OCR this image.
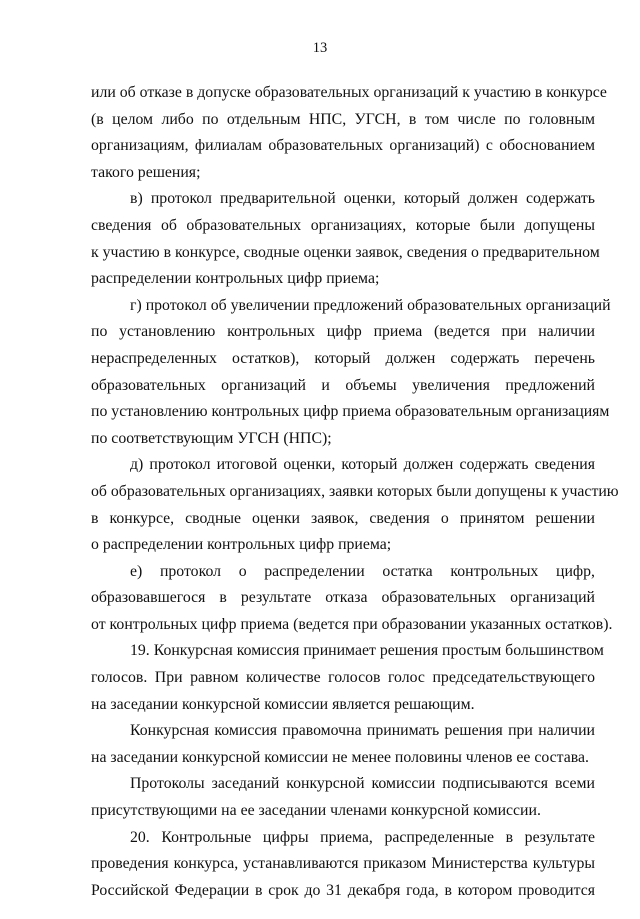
13
или об отказе в допуске образовательных организаций к участию в конкурсе
(в целом либо по отдельным НПС, УГСН, в том числе по головным
организациям, филиалам образовательных организаций) с обоснованием
такого решения;
в) протокол предварительной оценки, который должен содержать
сведения об образовательных организациях, которые были допущены
к участию в конкурсе, сводные оценки заявок, сведения о предварительном
распределении контрольных цифр приема;
г) протокол об увеличении предложений образовательных организаций
по установлению контрольных цифр приема (ведется при наличии
нераспределенных остатков), который должен содержать перечень
образовательных организаций и объемы увеличения предложений
по установлению контрольных цифр приема образовательным организациям
по соответствующим УГСН (НПС);
д) протокол итоговой оценки, который должен содержать сведения
об образовательных организациях, заявки которых были допущены к участию
в конкурсе, сводные оценки заявок, сведения о принятом решении
о распределении контрольных цифр приема;
е) протокол о распределении остатка контрольных цифр,
образовавшегося в результате отказа образовательных организаций
от контрольных цифр приема (ведется при образовании указанных остатков).
19. Конкурсная комиссия принимает решения простым большинством
голосов. При равном количестве голосов голос председательствующего
на заседании конкурсной комиссии является решающим.
Конкурсная комиссия правомочна принимать решения при наличии
на заседании конкурсной комиссии не менее половины членов ее состава.
Протоколы заседаний конкурсной комиссии подписываются всеми
присутствующими на ее заседании членами конкурсной комиссии.
20. Контрольные цифры приема, распределенные в результате
проведения конкурса, устанавливаются приказом Министерства культуры
Российской Федерации в срок до 31 декабря года, в котором проводится
